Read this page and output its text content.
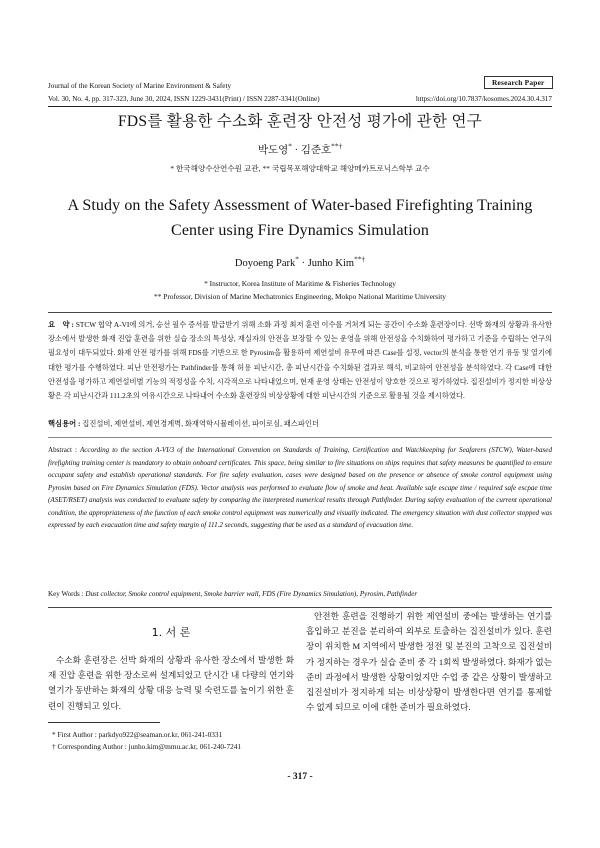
Journal of the Korean Society of Marine Environment & Safety	Research Paper
Vol. 30, No. 4, pp. 317-323, June 30, 2024, ISSN 1229-3431(Print) / ISSN 2287-3341(Online)	https://doi.org/10.7837/kosomes.2024.30.4.317
FDS를 활용한 수소화 훈련장 안전성 평가에 관한 연구
박도영* · 김준호**†
* 한국해양수산연수원 교관, ** 국립목포해양대학교 해양메카트로닉스학부 교수
A Study on the Safety Assessment of Water-based Firefighting Training
Center using Fire Dynamics Simulation
Doyoeng Park* · Junho Kim**†
* Instructor, Korea Institute of Maritime & Fisheries Technology
** Professor, Division of Marine Mechatronics Engineering, Mokpo National Maritime University
요　약 : STCW 협약 A-VI에 의거, 승선 필수 증서를 발급받기 위해 소화 과정 최저 훈련 이수를 거쳐게 되는 공간이 수소화 훈련장이다. 선박 화재의 상황과 유사한 장소에서 발생한 화재 진압 훈련을 위한 실습 장소의 특성상, 재실자의 안전을 보장할 수 있는 운영을 위해 안전성을 수치화하여 평가하고 기준을 수립하는 연구의 필요성이 대두되었다. 화재 안전 평가를 위해 FDS를 기반으로 한 Pyrosim을 활용하여 제연설비 유무에 따른 Case를 설정, vector의 분석을 통한 연기 유동 및 열기에 대한 평가를 수행하였다. 피난 안전평가는 Pathfinder를 통해 허용 피난시간, 총 피난시간을 수치화된 결과로 해석, 비교하여 안전성을 분석하였다. 각 Case에 대한 안전성을 평가하고 제연설비별 기능의 적정성을 수치, 시각적으로 나타내었으며, 현재 운영 상태는 안전성이 양호한 것으로 평가하였다. 집진설비가 정지한 비상상황은 각 피난시간과 111.2초의 여유시간으로 나타내어 수소화 훈련장의 비상상황에 대한 피난시간의 기준으로 활용될 것을 제시하였다.
핵심용어 : 집진설비, 제연설비, 제연경계벽, 화재역학시뮬레이션, 파이로심, 패스파인더
Abstract : According to the section A-VI/3 of the International Convention on Standards of Training, Certification and Watchkeeping for Seafarers (STCW), Water-based firefighting training center is mandatory to obtain onboard certificates. This space, being similar to fire situations on ships requires that safety measures be quantified to ensure occupant safety and establish operational standards. For fire safety evaluation, cases were designed based on the presence or absence of smoke control equipment using Pyrosim based on Fire Dynamics Simulation (FDS). Vector analysis was performed to evaluate flow of smoke and heat. Available safe escape time / required safe escpae time (ASET/RSET) analysis was conducted to evaluate safety by comparing the interpreted numerical results through Pathfinder. During safety evaluation of the current operational condition, the appropriateness of the function of each smoke control equipment was numerically and visually indicated. The emergency situation with dust collector stopped was expressed by each evacuation time and safety margin of 111.2 seconds, suggesting that be used as a standard of evacuation time.
Key Words : Dust collector, Smoke control equipment, Smoke barrier wall, FDS (Fire Dynamics Simulation), Pyrosim, Pathfinder
1. 서 론
수소화 훈련장은 선박 화재의 상황과 유사한 장소에서 발생한 화재 진압 훈련을 위한 장소로써 설계되었고 단시간 내 다량의 연기와 열기가 동반하는 화재의 상황 대응 능력 및 숙련도를 높이기 위한 훈련이 진행되고 있다.
* First Author : parkdyo922@seaman.or.kr, 061-241-0331
† Corresponding Author : junho.kim@mmu.ac.kr, 061-240-7241
안전한 훈련을 진행하기 위한 제연설비 중에는 발생하는 연기를 흡입하고 분진을 분리하여 외부로 토출하는 집진설비가 있다. 훈련장이 위치한 M 지역에서 발생한 정전 및 분진의 고착으로 집진설비가 정지하는 경우가 실습 준비 중 각 1회씩 발생하였다. 화재가 없는 준비 과정에서 발생한 상황이었지만 수업 중 같은 상황이 발생하고 집진설비가 정지하게 되는 비상상황이 발생한다면 연기를 통제할 수 없게 되므로 이에 대한 준비가 필요하였다.
- 317 -
